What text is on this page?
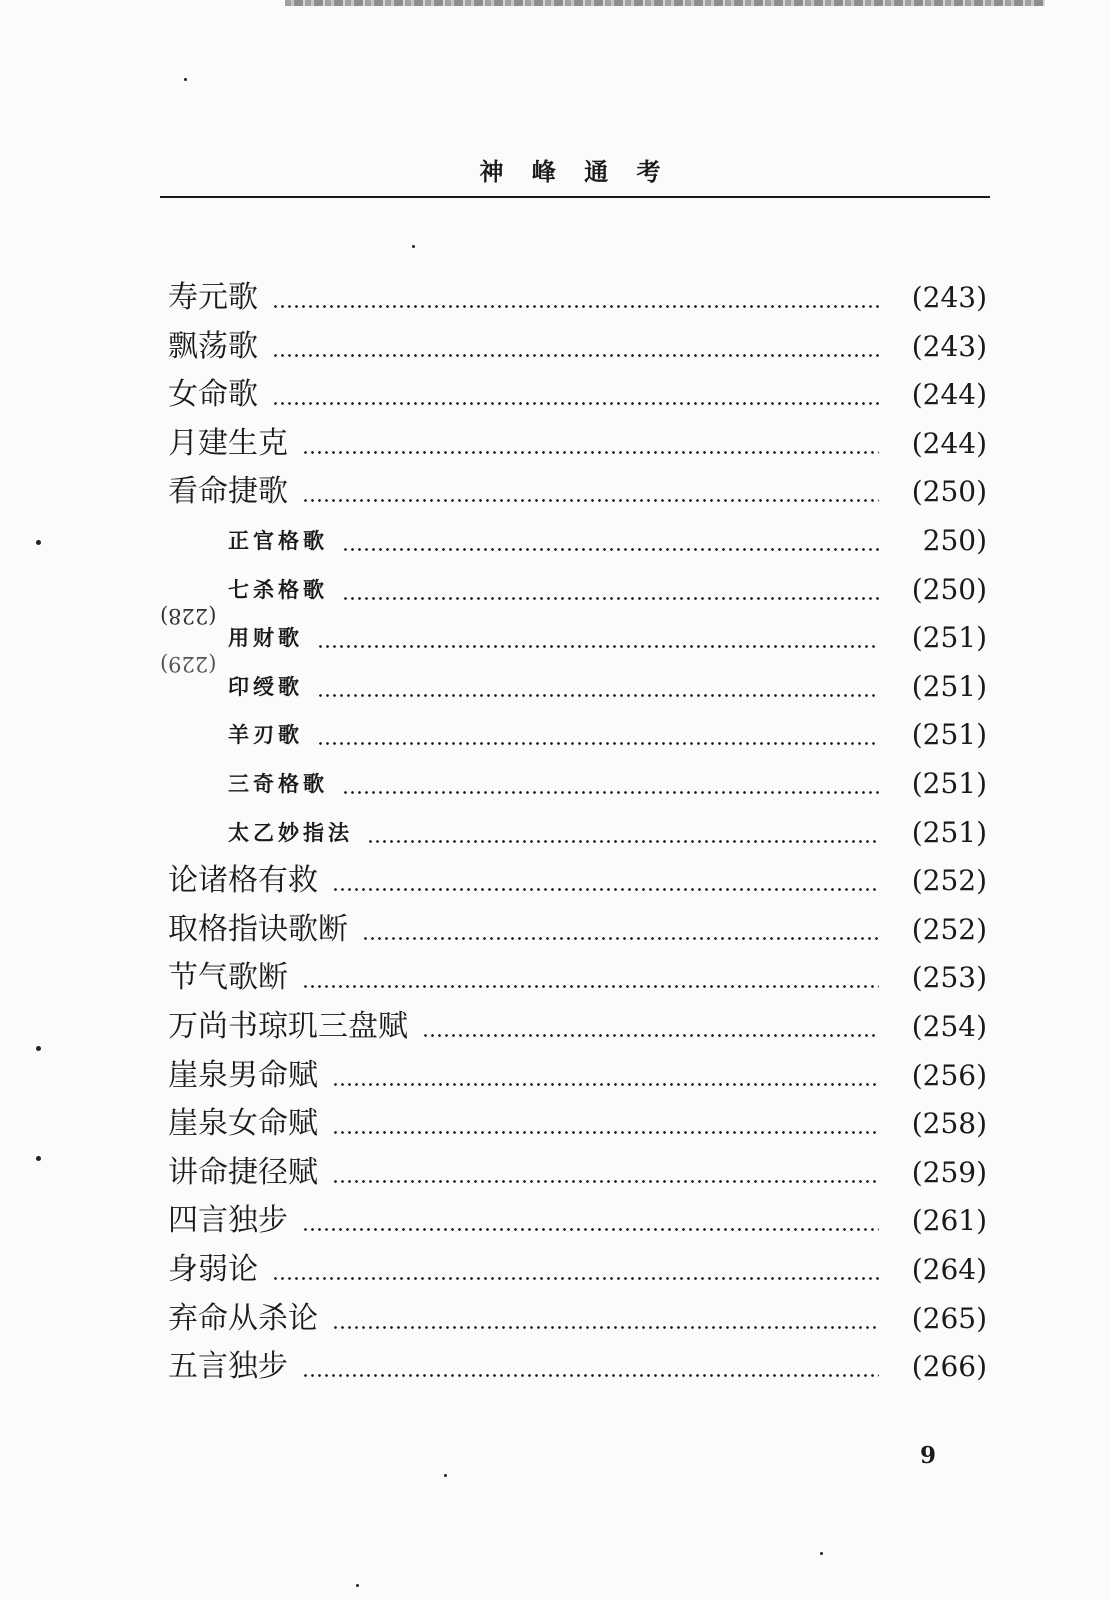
神 峰 通 考
寿元歌	(243)
飘荡歌	(243)
女命歌	(244)
月建生克	(244)
看命捷歌	(250)
正官格歌	250)
七杀格歌	(250)
用财歌	(251)
印绶歌	(251)
羊刃歌	(251)
三奇格歌	(251)
太乙妙指法	(251)
论诸格有救	(252)
取格指诀歌断	(252)
节气歌断	(253)
万尚书琼玑三盘赋	(254)
崖泉男命赋	(256)
崖泉女命赋	(258)
讲命捷径赋	(259)
四言独步	(261)
身弱论	(264)
弃命从杀论	(265)
五言独步	(266)
(228)
(229)
9
